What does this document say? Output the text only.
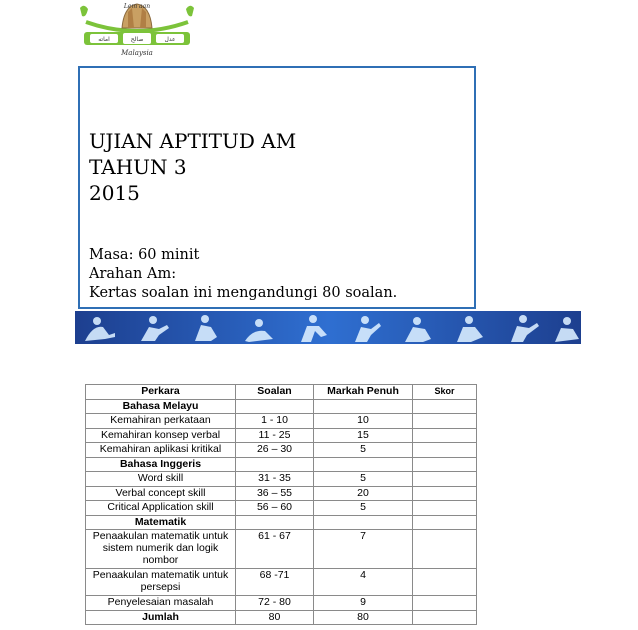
Lem aan
اماته	صالح	عدل
Malaysia
UJIAN APTITUD AM
TAHUN 3
2015
Masa: 60 minit
Arahan Am:
Kertas soalan ini mengandungi 80 soalan.
Perkara	Soalan	Markah Penuh	Skor
Bahasa Melayu			
Kemahiran perkataan	1 - 10	10	
Kemahiran konsep verbal	11 - 25	15	
Kemahiran aplikasi kritikal	26 – 30	5	
Bahasa Inggeris			
Word skill	31 - 35	5	
Verbal concept skill	36 – 55	20	
Critical Application skill	56 – 60	5	
Matematik			
Penaakulan matematik untuk sistem numerik dan logik nombor	61 - 67	7	
Penaakulan matematik untuk persepsi	68 -71	4	
Penyelesaian masalah	72 - 80	9	
Jumlah	80	80	
